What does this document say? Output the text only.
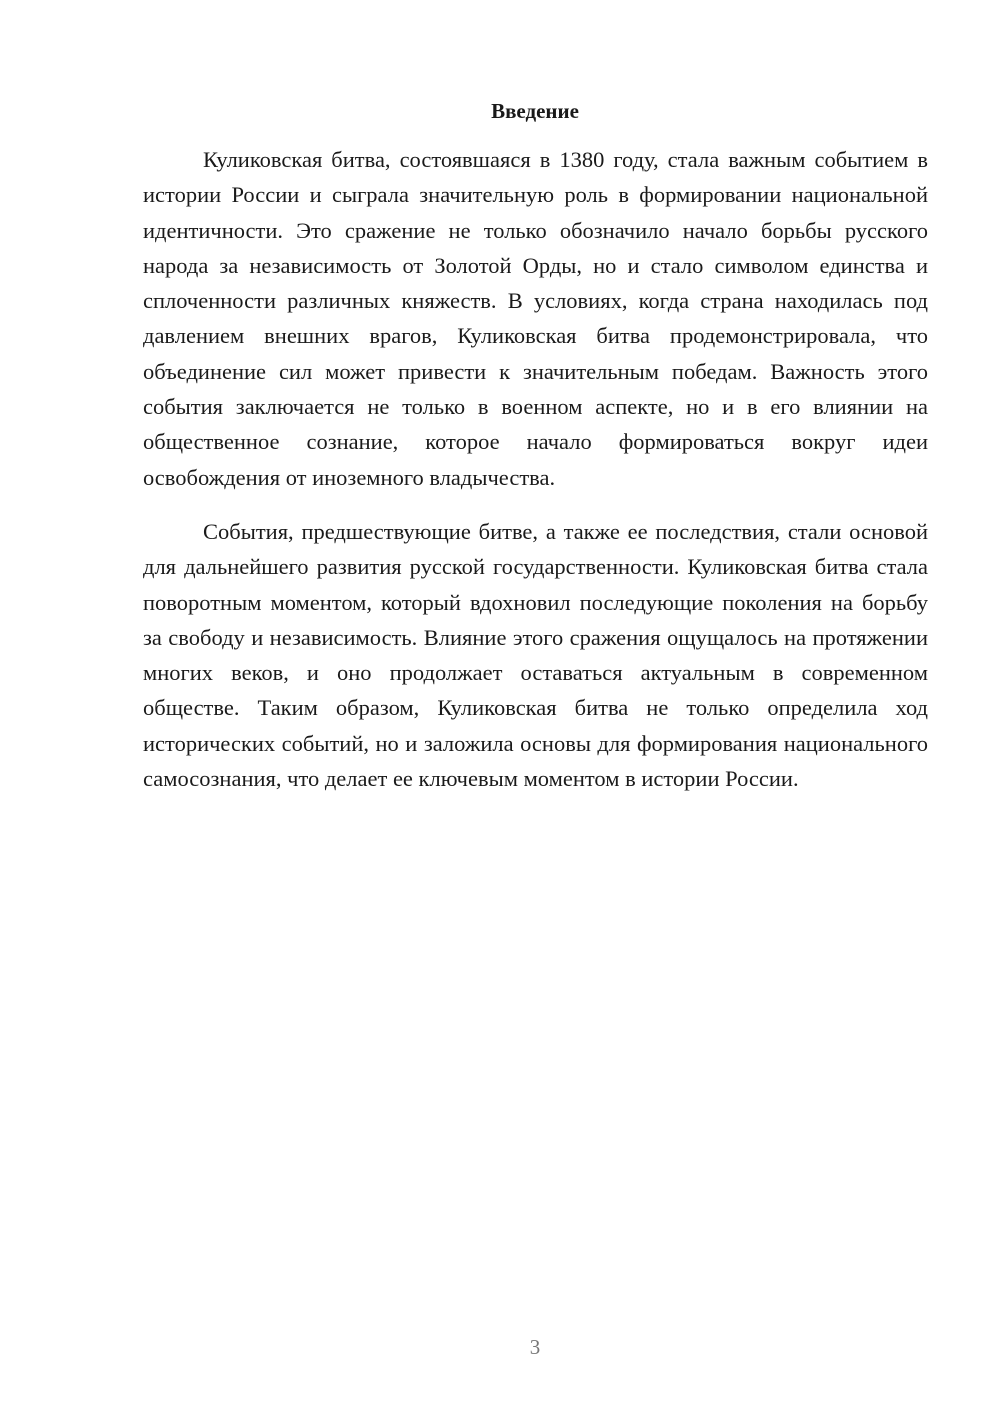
Введение

Куликовская битва, состоявшаяся в 1380 году, стала важным событием в истории России и сыграла значительную роль в формировании национальной идентичности. Это сражение не только обозначило начало борьбы русского народа за независимость от Золотой Орды, но и стало символом единства и сплоченности различных княжеств. В условиях, когда страна находилась под давлением внешних врагов, Куликовская битва продемонстрировала, что объединение сил может привести к значительным победам. Важность этого события заключается не только в военном аспекте, но и в его влиянии на общественное сознание, которое начало формироваться вокруг идеи освобождения от иноземного владычества.

События, предшествующие битве, а также ее последствия, стали основой для дальнейшего развития русской государственности. Куликовская битва стала поворотным моментом, который вдохновил последующие поколения на борьбу за свободу и независимость. Влияние этого сражения ощущалось на протяжении многих веков, и оно продолжает оставаться актуальным в современном обществе. Таким образом, Куликовская битва не только определила ход исторических событий, но и заложила основы для формирования национального самосознания, что делает ее ключевым моментом в истории России.

3
